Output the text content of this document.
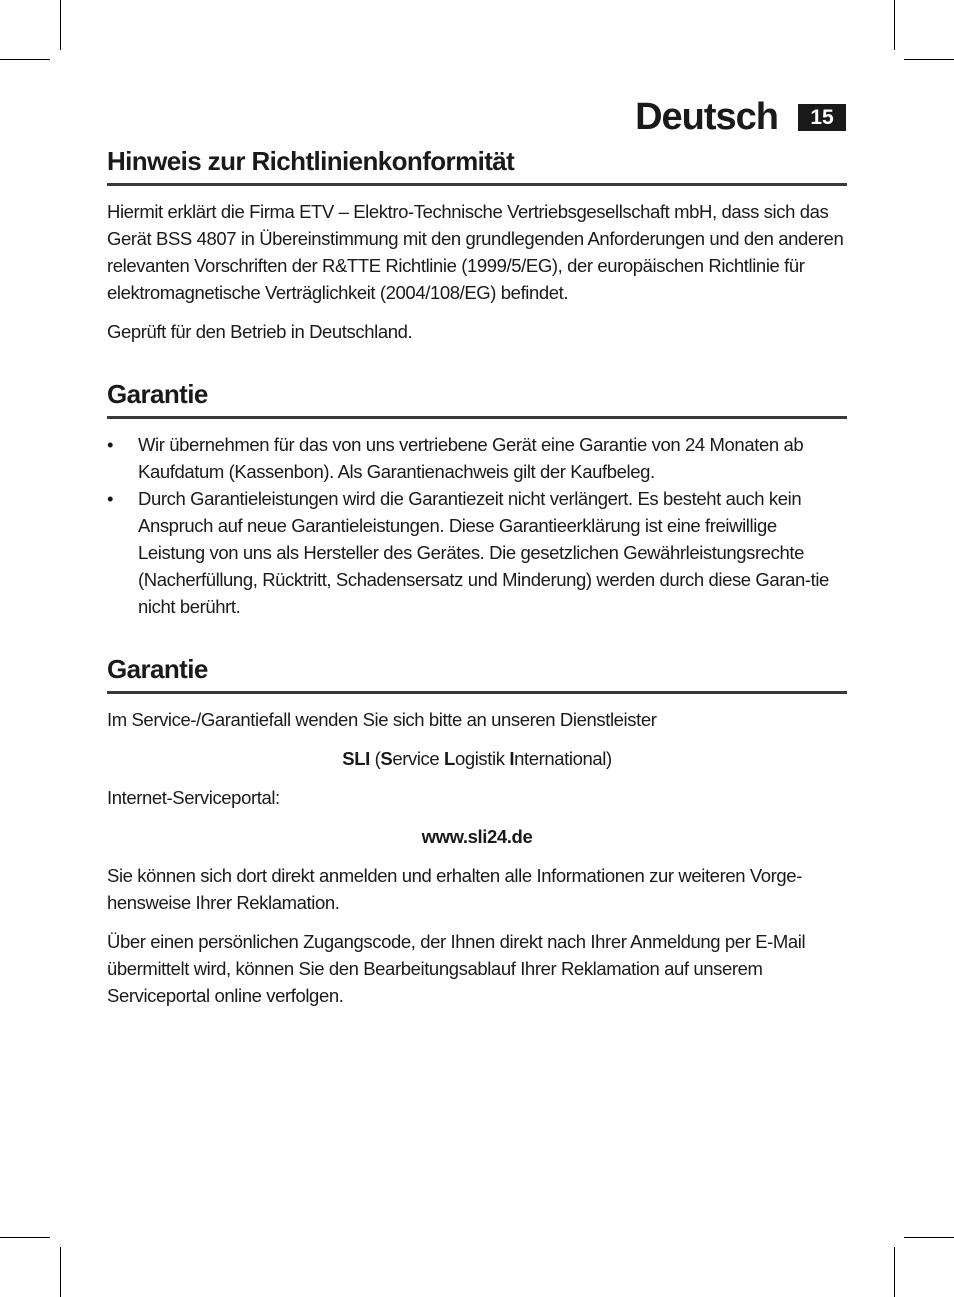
Deutsch	15
Hinweis zur Richtlinienkonformität

Hiermit erklärt die Firma ETV – Elektro-Technische Vertriebsgesellschaft mbH, dass sich das Gerät BSS 4807 in Übereinstimmung mit den grundlegenden Anforderungen und den anderen relevanten Vorschriften der R&TTE Richtlinie (1999/5/EG), der europäischen Richtlinie für elektromagnetische Verträglichkeit (2004/108/EG) befindet.

Geprüft für den Betrieb in Deutschland.

Garantie
• Wir übernehmen für das von uns vertriebene Gerät eine Garantie von 24 Monaten ab Kaufdatum (Kassenbon). Als Garantienachweis gilt der Kaufbeleg.
• Durch Garantieleistungen wird die Garantiezeit nicht verlängert. Es besteht auch kein Anspruch auf neue Garantieleistungen. Diese Garantieerklärung ist eine freiwillige Leistung von uns als Hersteller des Gerätes. Die gesetzlichen Gewährleistungsrechte (Nacherfüllung, Rücktritt, Schadensersatz und Minderung) werden durch diese Garan-tie nicht berührt.
Garantie

Im Service-/Garantiefall wenden Sie sich bitte an unseren Dienstleister

SLI (Service Logistik International)

Internet-Serviceportal:

www.sli24.de

Sie können sich dort direkt anmelden und erhalten alle Informationen zur weiteren Vorge-hensweise Ihrer Reklamation.

Über einen persönlichen Zugangscode, der Ihnen direkt nach Ihrer Anmeldung per E-Mail übermittelt wird, können Sie den Bearbeitungsablauf Ihrer Reklamation auf unserem Serviceportal online verfolgen.
